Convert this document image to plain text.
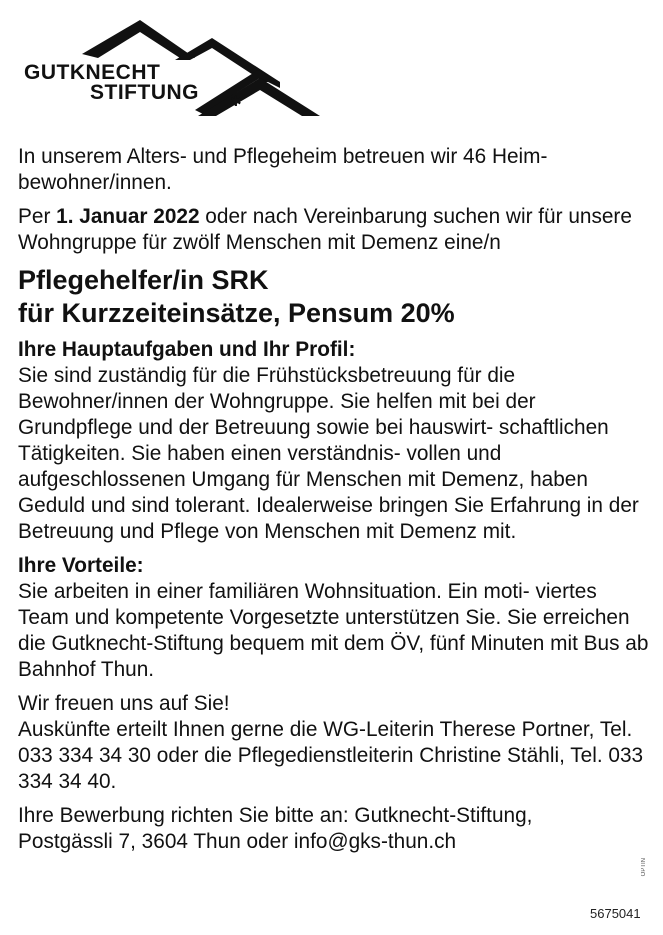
✱
GUTKNECHT
STIFTUNG

In unserem Alters- und Pflegeheim betreuen wir 46 Heim- bewohner/innen.

Per 1. Januar 2022 oder nach Vereinbarung suchen wir für unsere Wohngruppe für zwölf Menschen mit Demenz eine/n

Pflegehelfer/in SRK
für Kurzzeiteinsätze, Pensum 20%

Ihre Hauptaufgaben und Ihr Profil:

Sie sind zuständig für die Frühstücksbetreuung für die Bewohner/innen der Wohngruppe. Sie helfen mit bei der Grundpflege und der Betreuung sowie bei hauswirt- schaftlichen Tätigkeiten. Sie haben einen verständnis- vollen und aufgeschlossenen Umgang für Menschen mit Demenz, haben Geduld und sind tolerant. Idealerweise bringen Sie Erfahrung in der Betreuung und Pflege von Menschen mit Demenz mit.

Ihre Vorteile:

Sie arbeiten in einer familiären Wohnsituation. Ein moti- viertes Team und kompetente Vorgesetzte unterstützen Sie. Sie erreichen die Gutknecht-Stiftung bequem mit dem ÖV, fünf Minuten mit Bus ab Bahnhof Thun.

Wir freuen uns auf Sie!

Auskünfte erteilt Ihnen gerne die WG-Leiterin Therese Portner, Tel. 033 334 34 30 oder die Pflegedienstleiterin Christine Stähli, Tel. 033 334 34 40.

Ihre Bewerbung richten Sie bitte an: Gutknecht-Stiftung,

Postgässli 7, 3604 Thun oder info@gks-thun.ch

OPTIN
5675041
